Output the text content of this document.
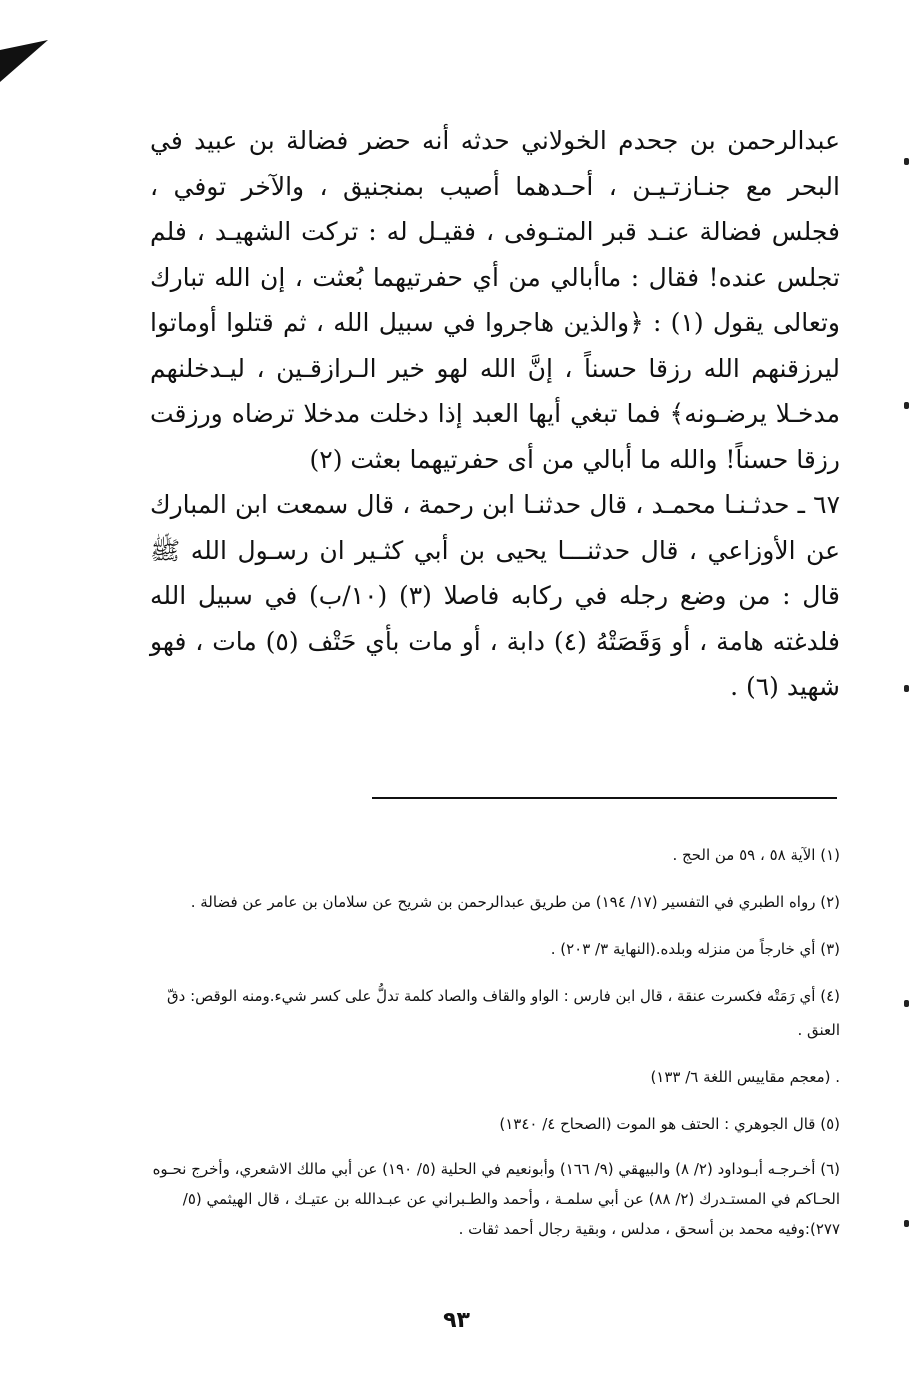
عبدالرحمن بن جحدم الخولاني حدثه أنه حضر فضالة بن عبيد في البحر مع جنـازتـيـن ، أحـدهما أصيب بمنجنيق ، والآخر توفي ، فجلس فضالة عنـد قبر المتـوفى ، فقيـل له : تركت الشهيـد ، فلم تجلس عنده! فقال : ماأبالي من أي حفرتيهما بُعثت ، إن الله تبارك وتعالى يقول (١) : ﴿والذين هاجروا في سبيل الله ، ثم قتلوا أوماتوا ليرزقنهم الله رزقا حسناً ، إنَّ الله لهو خير الـرازقـين ، ليـدخلنهم مدخـلا يرضـونه﴾ فما تبغي أيها العبد إذا دخلت مدخلا ترضاه ورزقت رزقا حسناً! والله ما أبالي من أى حفرتيهما بعثت (٢)

٦٧ ـ حدثـنـا محمـد ، قال حدثنـا ابن رحمة ، قال سمعت ابن المبارك عن الأوزاعي ، قال حدثنـــا يحيى بن أبي كثـير ان رسـول الله ﷺ قال : من وضع رجله في ركابه فاصلا (٣) (١٠/ب) في سبيل الله فلدغته هامة ، أو وَقَصَتْهُ (٤) دابة ، أو مات بأي حَتْف (٥) مات ، فهو شهيد (٦) .

(١) الآية ٥٨ ، ٥٩ من الحج .

(٢) رواه الطبري في التفسير (١٧/ ١٩٤) من طريق عبدالرحمن بن شريح عن سلامان بن عامر عن فضالة .

(٣) أي خارجاً من منزله وبلده.(النهاية ٣/ ٢٠٣) .

(٤) أي رَمَتْه فكسرت عنقة ، قال ابن فارس : الواو والقاف والصاد كلمة تدلُّ على كسر شيء.ومنه الوقص: دقّ العنق .

. (معجم مقاييس اللغة ٦/ ١٣٣)

(٥) قال الجوهري : الحتف هو الموت (الصحاح ٤/ ١٣٤٠)

(٦) أخـرجـه أبـوداود (٢/ ٨) والبيهقي (٩/ ١٦٦) وأبونعيم في الحلية (٥/ ١٩٠) عن أبي مالك الاشعري، وأخرج نحـوه الحـاكم في المستـدرك (٢/ ٨٨) عن أبي سلمـة ، وأحمد والطـبراني عن عبـدالله بن عتيـك ، قال الهيثمي (٥/ ٢٧٧):وفيه محمد بن أسحق ، مدلس ، وبقية رجال أحمد ثقات .

٩٣
